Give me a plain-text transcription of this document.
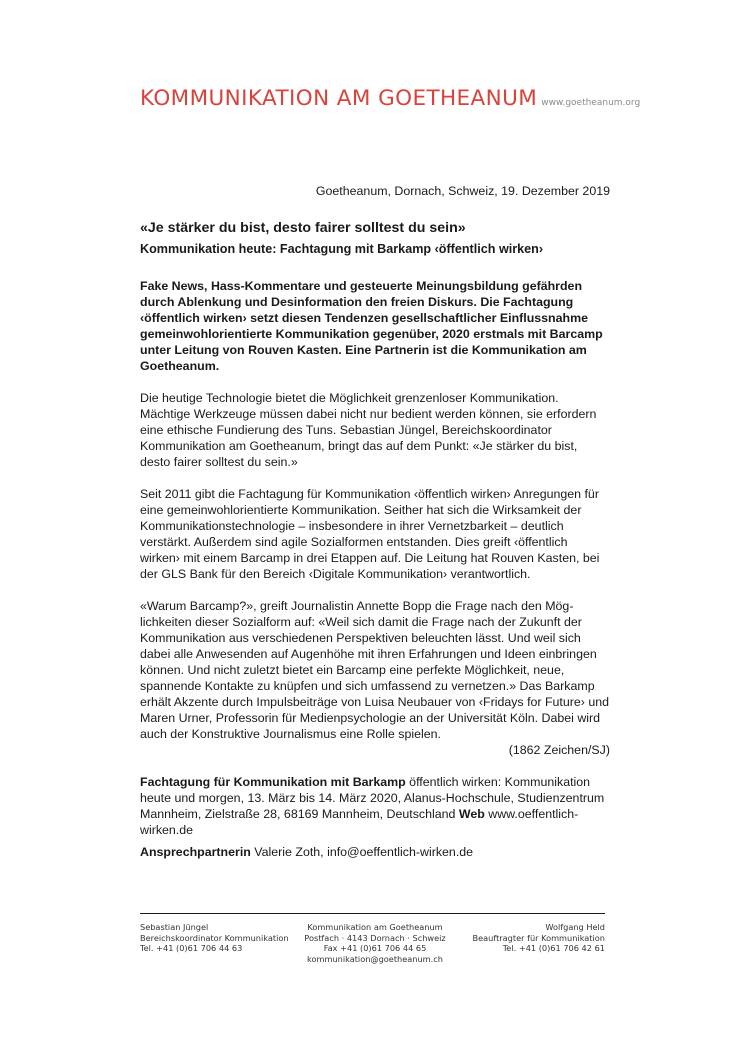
KOMMUNIKATION AM GOETHEANUM www.goetheanum.org

Goetheanum, Dornach, Schweiz, 19. Dezember 2019

«Je stärker du bist, desto fairer solltest du sein»

Kommunikation heute: Fachtagung mit Barkamp ‹öffentlich wirken›

Fake News, Hass-Kommentare und gesteuerte Meinungsbildung gefährden durch Ablenkung und Desinformation den freien Diskurs. Die Fachtagung ‹öffentlich wirken› setzt diesen Tendenzen gesellschaftlicher Einflussnahme gemeinwohlorientierte Kommunikation gegenüber, 2020 erstmals mit Barcamp unter Leitung von Rouven Kasten. Eine Partnerin ist die Kommunikation am Goetheanum.

Die heutige Technologie bietet die Möglichkeit grenzenloser Kommunikation. Mächtige Werkzeuge müssen dabei nicht nur bedient werden können, sie erfordern eine ethische Fundierung des Tuns. Sebastian Jüngel, Bereichskoordinator Kommunikation am Goetheanum, bringt das auf dem Punkt: «Je stärker du bist, desto fairer solltest du sein.»

Seit 2011 gibt die Fachtagung für Kommunikation ‹öffentlich wirken› Anregungen für eine gemeinwohlorientierte Kommunikation. Seither hat sich die Wirksamkeit der Kommunikationstechnologie – insbesondere in ihrer Vernetzbarkeit – deutlich verstärkt. Außerdem sind agile Sozialformen entstanden. Dies greift ‹öffentlich wirken› mit einem Barcamp in drei Etappen auf. Die Leitung hat Rouven Kasten, bei der GLS Bank für den Bereich ‹Digitale Kommunikation› verantwortlich.

«Warum Barcamp?», greift Journalistin Annette Bopp die Frage nach den Möglichkeiten dieser Sozialform auf: «Weil sich damit die Frage nach der Zukunft der Kommunikation aus verschiedenen Perspektiven beleuchten lässt. Und weil sich dabei alle Anwesenden auf Augenhöhe mit ihren Erfahrungen und Ideen einbringen können. Und nicht zuletzt bietet ein Barcamp eine perfekte Möglichkeit, neue, spannende Kontakte zu knüpfen und sich umfassend zu vernetzen.» Das Barkamp erhält Akzente durch Impulsbeiträge von Luisa Neubauer von ‹Fridays for Future› und Maren Urner, Professorin für Medienpsychologie an der Universität Köln. Dabei wird auch der Konstruktive Journalismus eine Rolle spielen.

(1862 Zeichen/SJ)

Fachtagung für Kommunikation mit Barkamp öffentlich wirken: Kommunikation heute und morgen, 13. März bis 14. März 2020, Alanus-Hochschule, Studienzentrum Mannheim, Zielstraße 28, 68169 Mannheim, Deutschland Web www.oeffentlich-wirken.de

Ansprechpartnerin Valerie Zoth, info@oeffentlich-wirken.de

Sebastian Jüngel
Bereichskoordinator Kommunikation
Tel. +41 (0)61 706 44 63
Kommunikation am Goetheanum
Postfach · 4143 Dornach · Schweiz
Fax +41 (0)61 706 44 65
kommunikation@goetheanum.ch
Wolfgang Held
Beauftragter für Kommunikation
Tel. +41 (0)61 706 42 61
